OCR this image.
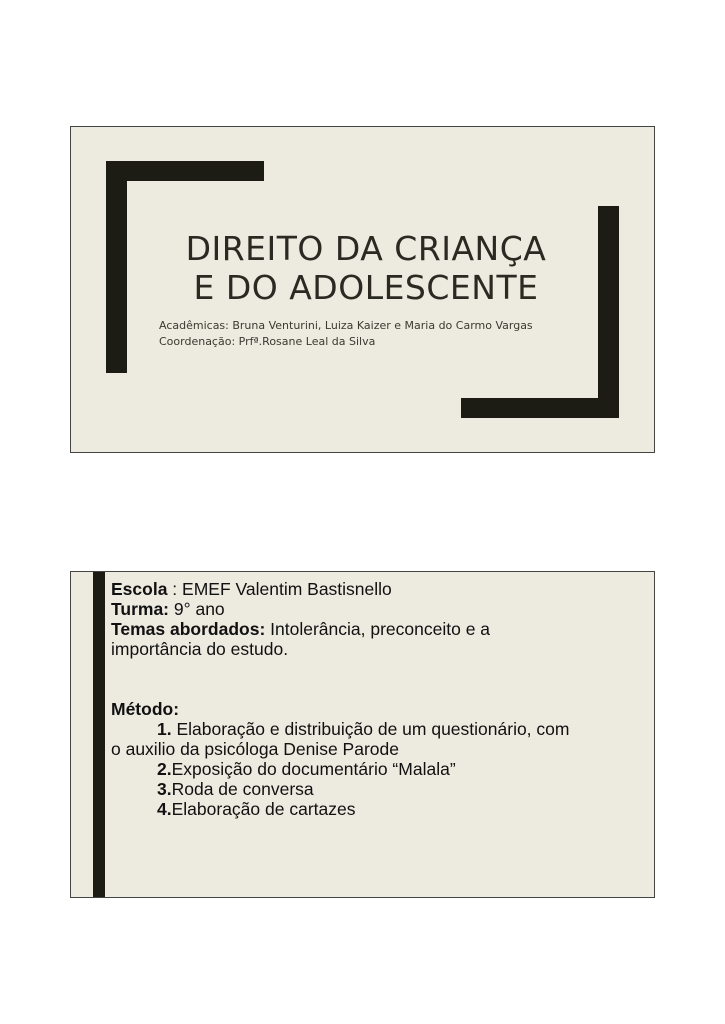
DIREITO DA CRIANÇA
E DO ADOLESCENTE
Acadêmicas: Bruna Venturini, Luiza Kaizer e Maria do Carmo Vargas
Coordenação: Prfª.Rosane Leal da Silva
Escola : EMEF Valentim Bastisnello
Turma: 9° ano
Temas abordados: Intolerância, preconceito e a
importância do estudo.
Método:
1. Elaboração e distribuição de um questionário, com
o auxilio da psicóloga Denise Parode
2.Exposição do documentário “Malala”
3.Roda de conversa
4.Elaboração de cartazes
